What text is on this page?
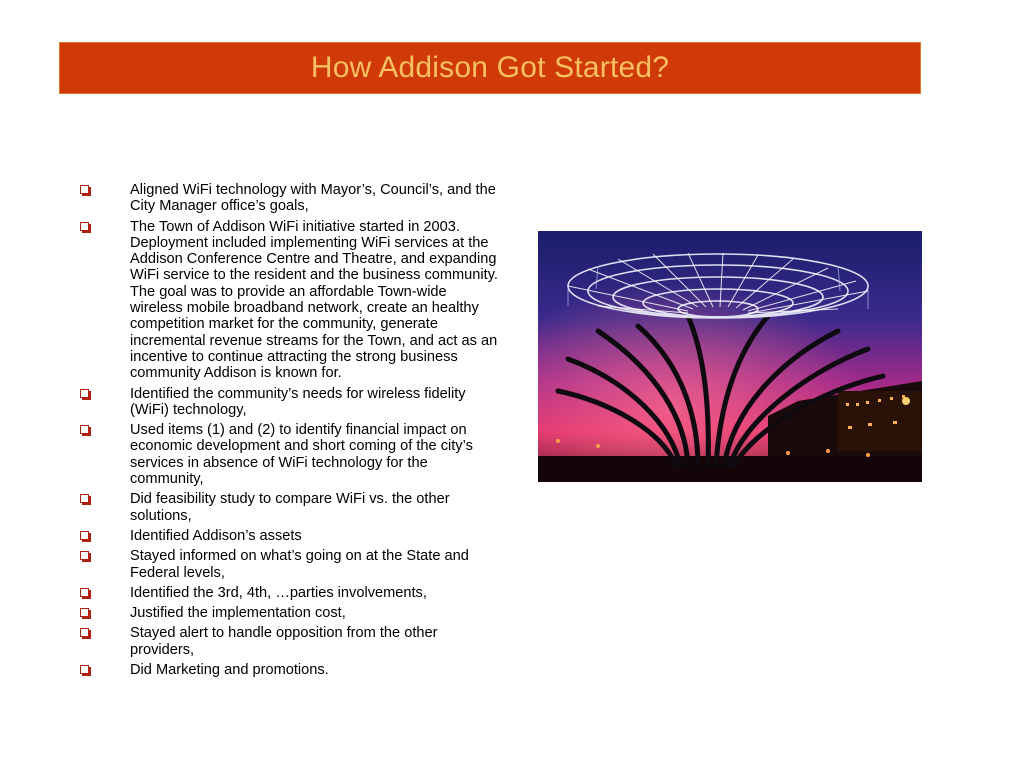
How Addison Got Started?
Aligned WiFi technology with Mayor’s, Council’s, and the City Manager office’s goals,
The Town of Addison WiFi initiative started in 2003. Deployment included implementing WiFi services at the Addison Conference Centre and Theatre, and expanding WiFi service to the resident and the business community. The goal was to provide an affordable Town-wide wireless mobile broadband network, create an healthy competition market for the community, generate incremental revenue streams for the Town, and act as an incentive to continue attracting the strong business community Addison is known for.
Identified the community’s needs for wireless fidelity (WiFi) technology,
Used items (1) and (2) to identify financial impact on economic development and short coming of the city’s services in absence of WiFi technology for the community,
Did feasibility study to compare WiFi vs. the other solutions,
Identified Addison’s assets
Stayed informed on what’s going on at the State and Federal levels,
Identified the 3rd, 4th, …parties involvements,
Justified the implementation cost,
Stayed alert to handle opposition from the other providers,
Did Marketing and promotions.
